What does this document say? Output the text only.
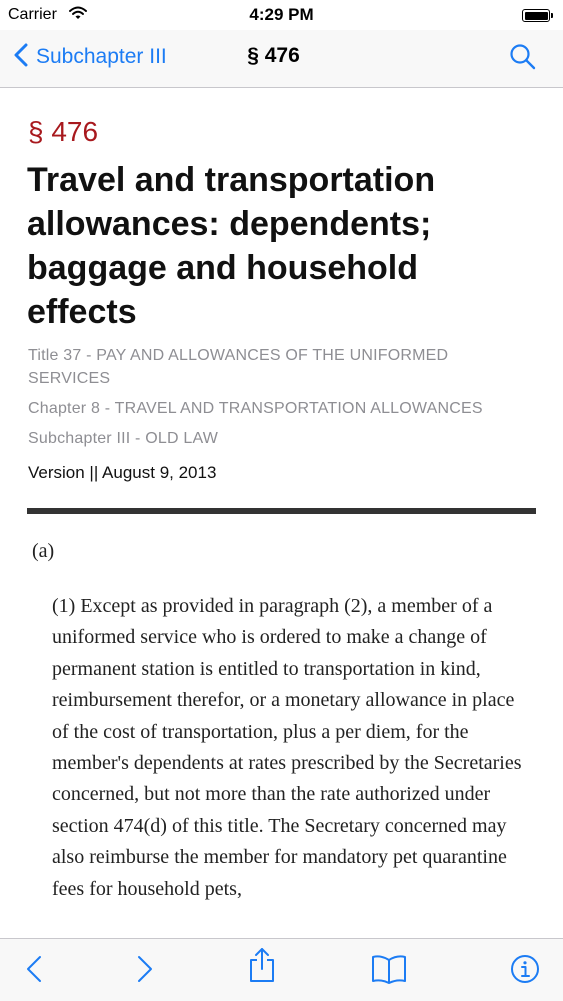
Carrier	4:29 PM
Subchapter III	§ 476
§ 476
Travel and transportation allowances: dependents; baggage and household effects
Title 37 - PAY AND ALLOWANCES OF THE UNIFORMED SERVICES
Chapter 8 - TRAVEL AND TRANSPORTATION ALLOWANCES
Subchapter III - OLD LAW
Version || August 9, 2013
(a)

(1) Except as provided in paragraph (2), a member of a uniformed service who is ordered to make a change of permanent station is entitled to transportation in kind, reimbursement therefor, or a monetary allowance in place of the cost of transportation, plus a per diem, for the member's dependents at rates prescribed by the Secretaries concerned, but not more than the rate authorized under section 474(d) of this title. The Secretary concerned may also reimburse the member for mandatory pet quarantine fees for household pets,
